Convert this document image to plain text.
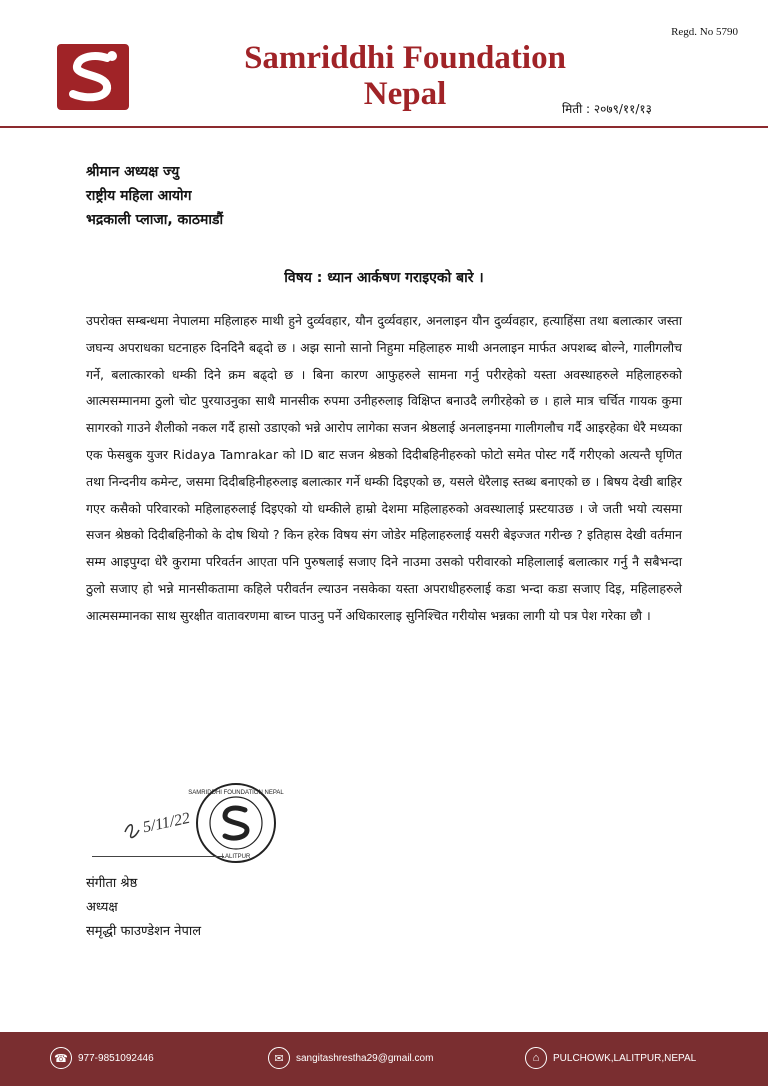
Regd. No 5790
Samriddhi Foundation
Nepal	मिती : २०७९/११/१३
श्रीमान अध्यक्ष ज्यु
राष्ट्रीय महिला आयोग
भद्रकाली प्लाजा, काठमाडौं
विषय : ध्यान आर्कषण गराइएको बारे ।
उपरोक्त सम्बन्धमा नेपालमा महिलाहरु माथी हुने दुर्व्यवहार, यौन दुर्व्यवहार, अनलाइन यौन दुर्व्यवहार, हत्याहिंसा तथा बलात्कार जस्ता जघन्य अपराधका घटनाहरु दिनदिनै बढ्दो छ । अझ सानो सानो निहुमा महिलाहरु माथी अनलाइन मार्फत अपशब्द बोल्ने, गालीगलौच गर्ने, बलात्कारको धम्की दिने क्रम बढ्दो छ । बिना कारण आफुहरुले सामना गर्नु परीरहेको यस्ता अवस्थाहरुले महिलाहरुको आत्मसम्मानमा ठुलो चोट पुरयाउनुका साथै मानसीक रुपमा उनीहरुलाइ विक्षिप्त बनाउदै लगीरहेको छ । हाले मात्र चर्चित गायक कुमा सागरको गाउने शैलीको नकल गर्दै हासो उडाएको भन्ने आरोप लागेका सजन श्रेष्ठलाई अनलाइनमा गालीगलौच गर्दै आइरहेका धेरै मध्यका एक फेसबुक युजर Ridaya Tamrakar को ID बाट सजन श्रेष्ठको दिदीबहिनीहरुको फोटो समेत पोस्ट गर्दै गरीएको अत्यन्तै घृणित तथा निन्दनीय कमेन्ट, जसमा दिदीबहिनीहरुलाइ बलात्कार गर्ने धम्की दिइएको छ, यसले धेरैलाइ स्तब्ध बनाएको छ । बिषय देखी बाहिर गएर कसैको परिवारको महिलाहरुलाई दिइएको यो धम्कीले हाम्रो देशमा महिलाहरुको अवस्थालाई प्रस्टयाउछ । जे जती भयो त्यसमा सजन श्रेष्ठको दिदीबहिनीको के दोष थियो ? किन हरेक विषय संग जोडेर महिलाहरुलाई यसरी बेइज्जत गरीन्छ ? इतिहास देखी वर्तमान सम्म आइपुग्दा धेरै कुरामा परिवर्तन आएता पनि पुरुषलाई सजाए दिने नाउमा उसको परीवारको महिलालाई बलात्कार गर्नु नै सबैभन्दा ठुलो सजाए हो भन्ने मानसीकतामा कहिले परीवर्तन ल्याउन नसकेका यस्ता अपराधीहरुलाई कडा भन्दा कडा सजाए दिइ, महिलाहरुले आत्मसम्मानका साथ सुरक्षीत वातावरणमा बाच्न पाउनु पर्ने अधिकारलाइ सुनिश्चित गरीयोस भन्नका लागी यो पत्र पेश गरेका छौ ।
5/11/22
SAMRIDDHI FOUNDATION NEPAL
LALITPUR
संगीता श्रेष्ठ
अध्यक्ष
समृद्धी फाउण्डेशन नेपाल
☎	977-9851092446	✉	sangitashrestha29@gmail.com	⌂	PULCHOWK,LALITPUR,NEPAL
